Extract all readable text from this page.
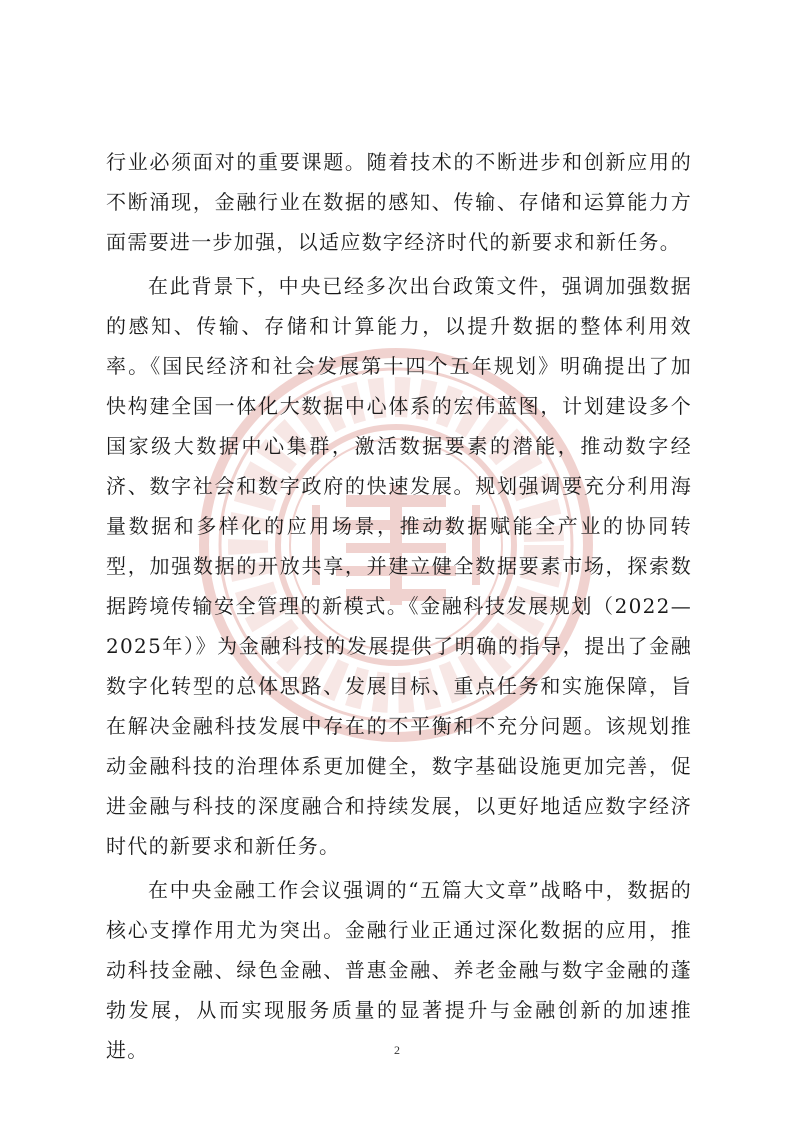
行业必须面对的重要课题。随着技术的不断进步和创新应用的不断涌现，金融行业在数据的感知、传输、存储和运算能力方面需要进一步加强，以适应数字经济时代的新要求和新任务。

在此背景下，中央已经多次出台政策文件，强调加强数据的感知、传输、存储和计算能力，以提升数据的整体利用效率。《国民经济和社会发展第十四个五年规划》明确提出了加快构建全国一体化大数据中心体系的宏伟蓝图，计划建设多个国家级大数据中心集群，激活数据要素的潜能，推动数字经济、数字社会和数字政府的快速发展。规划强调要充分利用海量数据和多样化的应用场景，推动数据赋能全产业的协同转型，加强数据的开放共享，并建立健全数据要素市场，探索数据跨境传输安全管理的新模式。《金融科技发展规划（2022—2025年）》为金融科技的发展提供了明确的指导，提出了金融数字化转型的总体思路、发展目标、重点任务和实施保障，旨在解决金融科技发展中存在的不平衡和不充分问题。该规划推动金融科技的治理体系更加健全，数字基础设施更加完善，促进金融与科技的深度融合和持续发展，以更好地适应数字经济时代的新要求和新任务。

在中央金融工作会议强调的“五篇大文章”战略中，数据的核心支撑作用尤为突出。金融行业正通过深化数据的应用，推动科技金融、绿色金融、普惠金融、养老金融与数字金融的蓬勃发展，从而实现服务质量的显著提升与金融创新的加速推进。	2
